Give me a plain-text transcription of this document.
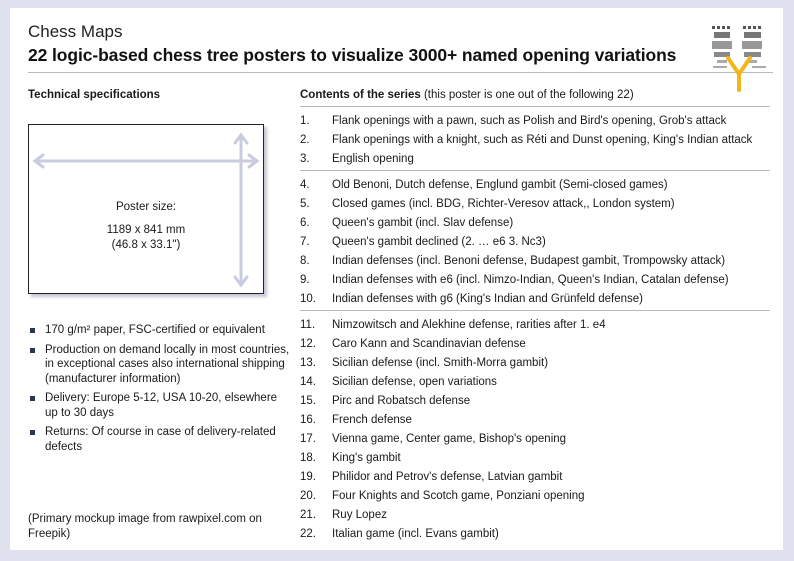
Chess Maps
22 logic-based chess tree posters to visualize 3000+ named opening variations
Technical specifications
Poster size:
1189 x 841 mm
(46.8 x 33.1")
170 g/m² paper, FSC-certified or equivalent
Production on demand locally in most countries, in exceptional cases also international shipping (manufacturer information)
Delivery: Europe 5-12, USA 10-20, elsewhere up to 30 days
Returns: Of course in case of delivery-related defects
(Primary mockup image from rawpixel.com on Freepik)
Contents of the series (this poster is one out of the following 22)
1.	Flank openings with a pawn, such as Polish and Bird's opening, Grob's attack
2.	Flank openings with a knight, such as Réti and Dunst opening, King's Indian attack
3.	English opening
4.	Old Benoni, Dutch defense, Englund gambit (Semi-closed games)
5.	Closed games (incl. BDG, Richter-Veresov attack,, London system)
6.	Queen's gambit (incl. Slav defense)
7.	Queen's gambit declined (2. … e6 3. Nc3)
8.	Indian defenses (incl. Benoni defense, Budapest gambit, Trompowsky attack)
9.	Indian defenses with e6 (incl. Nimzo-Indian, Queen's Indian, Catalan defense)
10.	Indian defenses with g6 (King's Indian and Grünfeld defense)
11.	Nimzowitsch and Alekhine defense, rarities after 1. e4
12.	Caro Kann and Scandinavian defense
13.	Sicilian defense (incl. Smith-Morra gambit)
14.	Sicilian defense, open variations
15.	Pirc and Robatsch defense
16.	French defense
17.	Vienna game, Center game, Bishop's opening
18.	King's gambit
19.	Philidor and Petrov's defense, Latvian gambit
20.	Four Knights and Scotch game, Ponziani opening
21.	Ruy Lopez
22.	Italian game (incl. Evans gambit)
